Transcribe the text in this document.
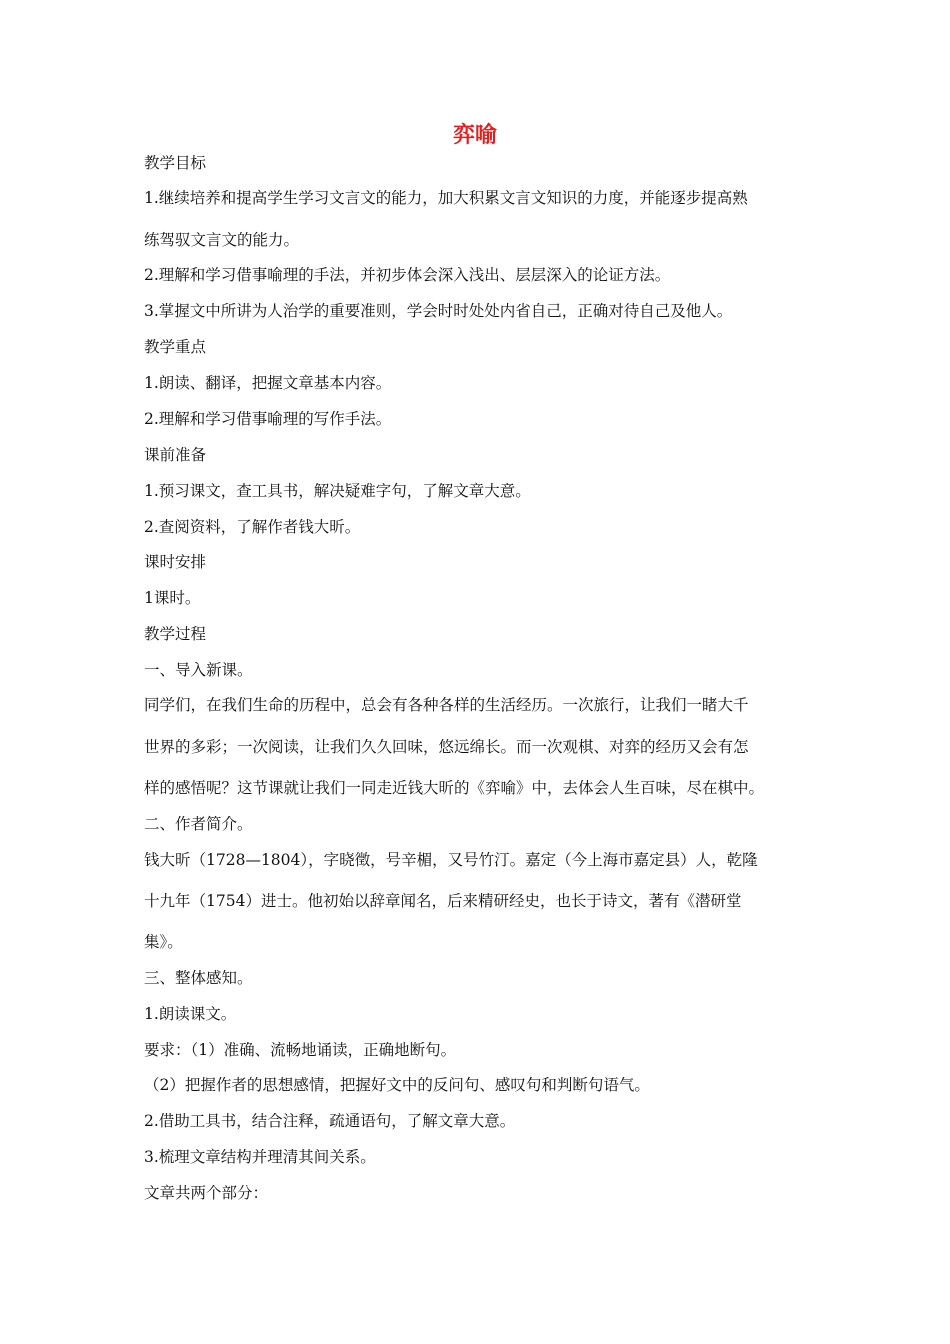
弈喻

教学目标

1.继续培养和提高学生学习文言文的能力，加大积累文言文知识的力度，并能逐步提高熟

练驾驭文言文的能力。

2.理解和学习借事喻理的手法，并初步体会深入浅出、层层深入的论证方法。

3.掌握文中所讲为人治学的重要准则，学会时时处处内省自己，正确对待自己及他人。

教学重点

1.朗读、翻译，把握文章基本内容。

2.理解和学习借事喻理的写作手法。

课前准备

1.预习课文，查工具书，解决疑难字句，了解文章大意。

2.查阅资料，了解作者钱大昕。

课时安排

1课时。

教学过程

一、导入新课。

同学们，在我们生命的历程中，总会有各种各样的生活经历。一次旅行，让我们一睹大千

世界的多彩；一次阅读，让我们久久回味，悠远绵长。而一次观棋、对弈的经历又会有怎

样的感悟呢？这节课就让我们一同走近钱大昕的《弈喻》中，去体会人生百味，尽在棋中。

二、作者简介。

钱大昕（1728—1804），字晓徵，号辛楣，又号竹汀。嘉定（今上海市嘉定县）人，乾隆

十九年（1754）进士。他初始以辞章闻名，后来精研经史，也长于诗文，著有《潜研堂

集》。

三、整体感知。

1.朗读课文。

要求：（1）准确、流畅地诵读，正确地断句。

（2）把握作者的思想感情，把握好文中的反问句、感叹句和判断句语气。

2.借助工具书，结合注释，疏通语句，了解文章大意。

3.梳理文章结构并理清其间关系。

文章共两个部分：
